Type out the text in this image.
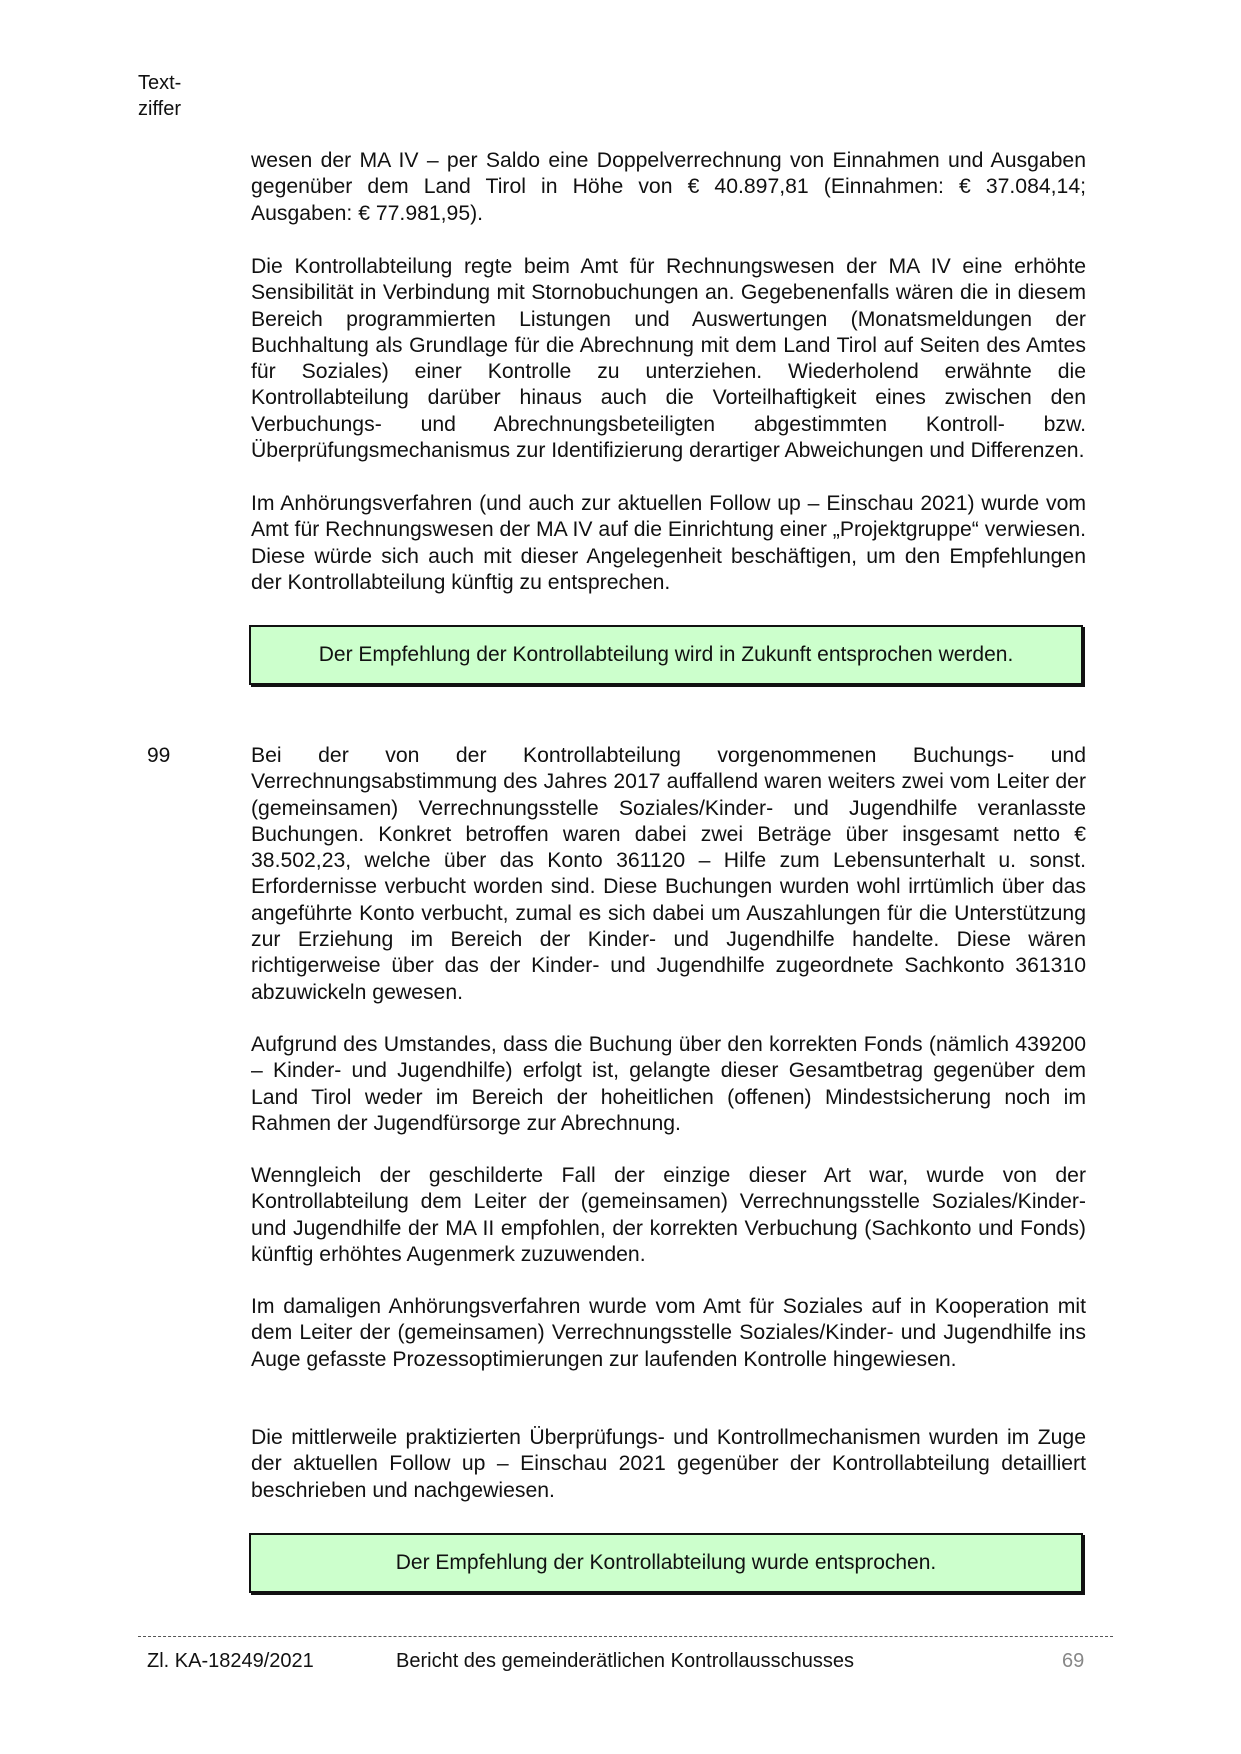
Text-
ziffer

wesen der MA IV – per Saldo eine Doppelverrechnung von Einnahmen und Ausgaben gegenüber dem Land Tirol in Höhe von € 40.897,81 (Einnahmen: € 37.084,14; Ausgaben: € 77.981,95).

Die Kontrollabteilung regte beim Amt für Rechnungswesen der MA IV eine erhöhte Sensibilität in Verbindung mit Stornobuchungen an. Gegebenenfalls wären die in diesem Bereich programmierten Listungen und Auswertungen (Monatsmeldungen der Buchhaltung als Grundlage für die Abrechnung mit dem Land Tirol auf Seiten des Amtes für Soziales) einer Kontrolle zu unterziehen. Wiederholend erwähnte die Kontrollabteilung darüber hinaus auch die Vorteilhaftigkeit eines zwischen den Verbuchungs- und Abrechnungsbeteiligten abgestimmten Kontroll- bzw. Überprüfungsmechanismus zur Identifizierung derartiger Abweichungen und Differenzen.

Im Anhörungsverfahren (und auch zur aktuellen Follow up – Einschau 2021) wurde vom Amt für Rechnungswesen der MA IV auf die Einrichtung einer „Projektgruppe“ verwiesen. Diese würde sich auch mit dieser Angelegenheit beschäftigen, um den Empfehlungen der Kontrollabteilung künftig zu entsprechen.

Der Empfehlung der Kontrollabteilung wird in Zukunft entsprochen werden.
99	Bei der von der Kontrollabteilung vorgenommenen Buchungs- und Verrechnungsabstimmung des Jahres 2017 auffallend waren weiters zwei vom Leiter der (gemeinsamen) Verrechnungsstelle Soziales/Kinder- und Jugendhilfe veranlasste Buchungen. Konkret betroffen waren dabei zwei Beträge über insgesamt netto € 38.502,23, welche über das Konto 361120 – Hilfe zum Lebensunterhalt u. sonst. Erfordernisse verbucht worden sind. Diese Buchungen wurden wohl irrtümlich über das angeführte Konto verbucht, zumal es sich dabei um Auszahlungen für die Unterstützung zur Erziehung im Bereich der Kinder- und Jugendhilfe handelte. Diese wären richtigerweise über das der Kinder- und Jugendhilfe zugeordnete Sachkonto 361310 abzuwickeln gewesen.

Aufgrund des Umstandes, dass die Buchung über den korrekten Fonds (nämlich 439200 – Kinder- und Jugendhilfe) erfolgt ist, gelangte dieser Gesamtbetrag gegenüber dem Land Tirol weder im Bereich der hoheitlichen (offenen) Mindestsicherung noch im Rahmen der Jugendfürsorge zur Abrechnung.

Wenngleich der geschilderte Fall der einzige dieser Art war, wurde von der Kontrollabteilung dem Leiter der (gemeinsamen) Verrechnungsstelle Soziales/Kinder- und Jugendhilfe der MA II empfohlen, der korrekten Verbuchung (Sachkonto und Fonds) künftig erhöhtes Augenmerk zuzuwenden.

Im damaligen Anhörungsverfahren wurde vom Amt für Soziales auf in Kooperation mit dem Leiter der (gemeinsamen) Verrechnungsstelle Soziales/Kinder- und Jugendhilfe ins Auge gefasste Prozessoptimierungen zur laufenden Kontrolle hingewiesen.

Die mittlerweile praktizierten Überprüfungs- und Kontrollmechanismen wurden im Zuge der aktuellen Follow up – Einschau 2021 gegenüber der Kontrollabteilung detailliert beschrieben und nachgewiesen.

Der Empfehlung der Kontrollabteilung wurde entsprochen.
Zl. KA-18249/2021	Bericht des gemeinderätlichen Kontrollausschusses	69
